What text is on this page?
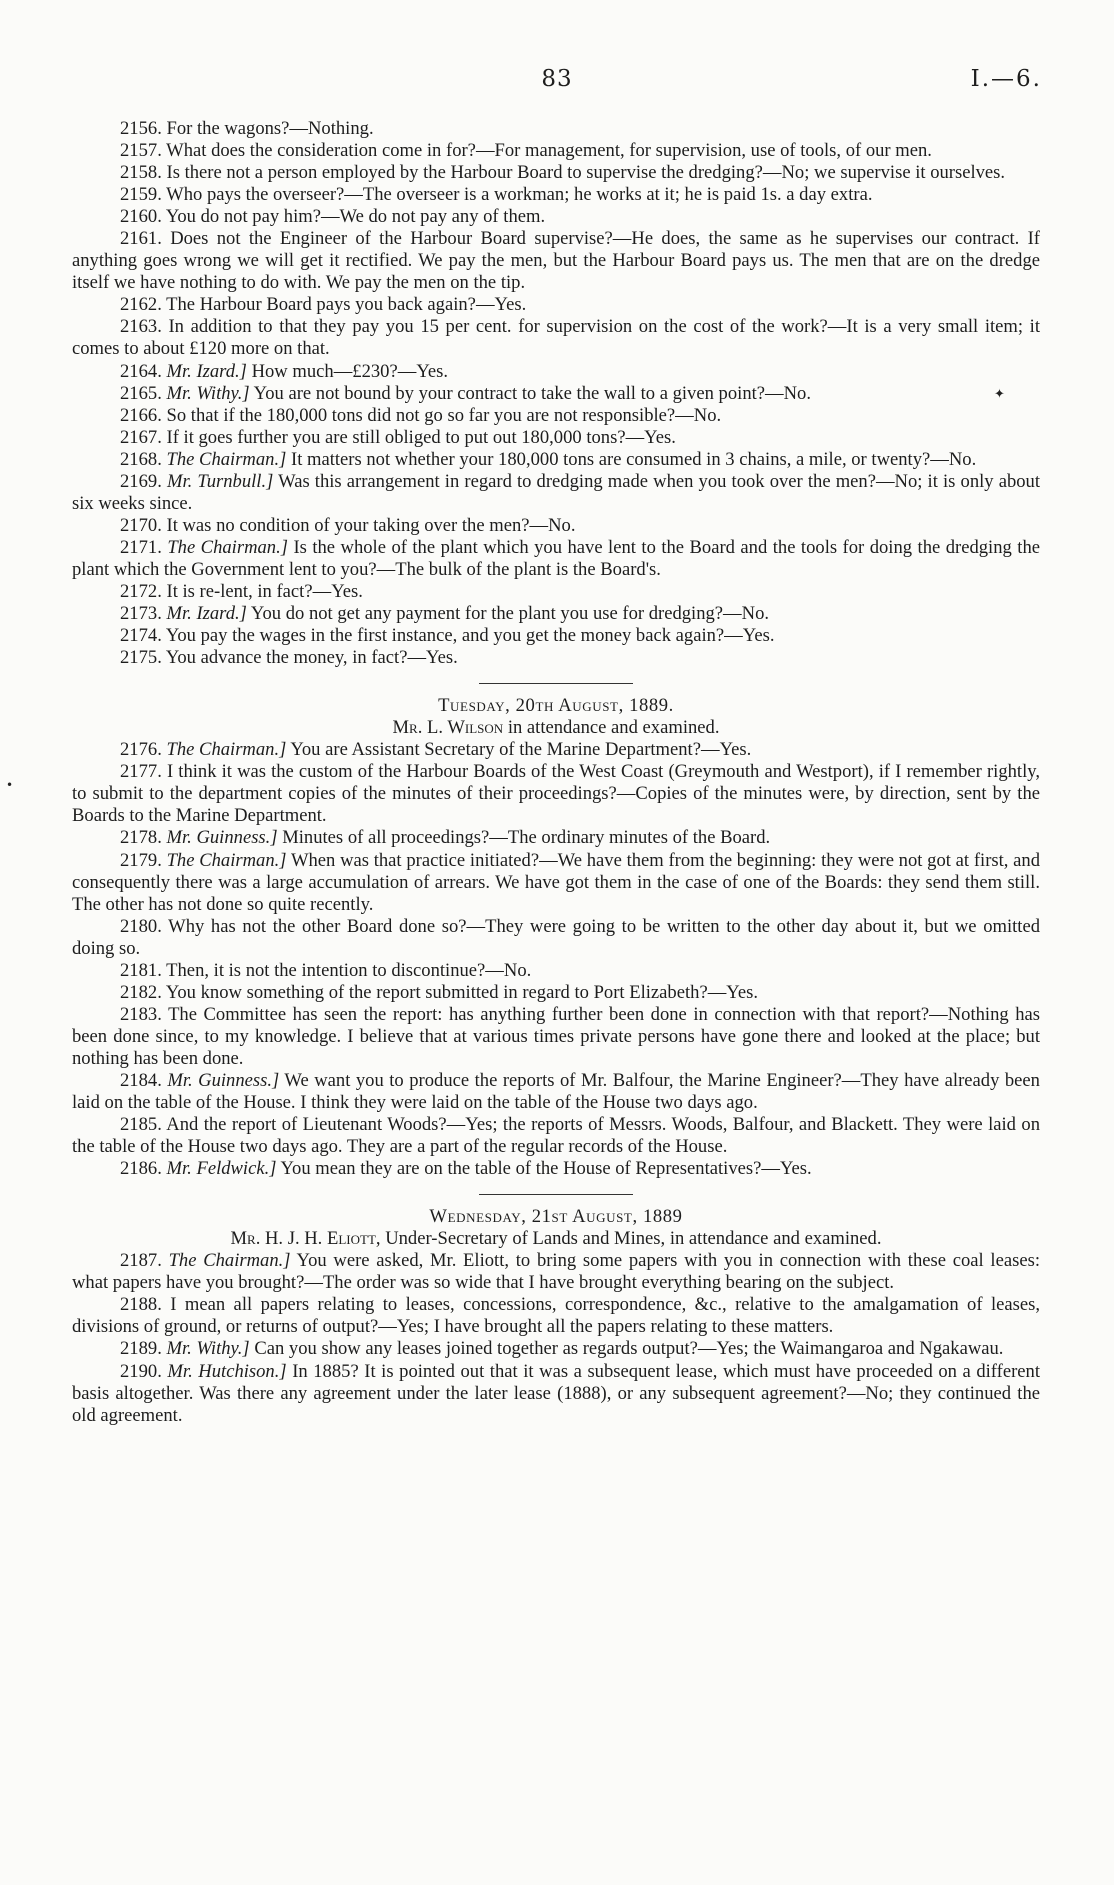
83	I.—6.

2156. For the wagons?—Nothing.

2157. What does the consideration come in for?—For management, for supervision, use of tools, of our men.

2158. Is there not a person employed by the Harbour Board to supervise the dredging?—No; we supervise it ourselves.

2159. Who pays the overseer?—The overseer is a workman; he works at it; he is paid 1s. a day extra.

2160. You do not pay him?—We do not pay any of them.

2161. Does not the Engineer of the Harbour Board supervise?—He does, the same as he supervises our contract. If anything goes wrong we will get it rectified. We pay the men, but the Harbour Board pays us. The men that are on the dredge itself we have nothing to do with. We pay the men on the tip.

2162. The Harbour Board pays you back again?—Yes.

2163. In addition to that they pay you 15 per cent. for supervision on the cost of the work?—It is a very small item; it comes to about £120 more on that.

2164. Mr. Izard.] How much—£230?—Yes.

2165. Mr. Withy.] You are not bound by your contract to take the wall to a given point?—No.

2166. So that if the 180,000 tons did not go so far you are not responsible?—No.

2167. If it goes further you are still obliged to put out 180,000 tons?—Yes.

2168. The Chairman.] It matters not whether your 180,000 tons are consumed in 3 chains, a mile, or twenty?—No.

2169. Mr. Turnbull.] Was this arrangement in regard to dredging made when you took over the men?—No; it is only about six weeks since.

2170. It was no condition of your taking over the men?—No.

2171. The Chairman.] Is the whole of the plant which you have lent to the Board and the tools for doing the dredging the plant which the Government lent to you?—The bulk of the plant is the Board's.

2172. It is re-lent, in fact?—Yes.

2173. Mr. Izard.] You do not get any payment for the plant you use for dredging?—No.

2174. You pay the wages in the first instance, and you get the money back again?—Yes.

2175. You advance the money, in fact?—Yes.

Tuesday, 20th August, 1889.

Mr. L. Wilson in attendance and examined.

2176. The Chairman.] You are Assistant Secretary of the Marine Department?—Yes.

2177. I think it was the custom of the Harbour Boards of the West Coast (Greymouth and Westport), if I remember rightly, to submit to the department copies of the minutes of their proceedings?—Copies of the minutes were, by direction, sent by the Boards to the Marine Department.

2178. Mr. Guinness.] Minutes of all proceedings?—The ordinary minutes of the Board.

2179. The Chairman.] When was that practice initiated?—We have them from the beginning: they were not got at first, and consequently there was a large accumulation of arrears. We have got them in the case of one of the Boards: they send them still. The other has not done so quite recently.

2180. Why has not the other Board done so?—They were going to be written to the other day about it, but we omitted doing so.

2181. Then, it is not the intention to discontinue?—No.

2182. You know something of the report submitted in regard to Port Elizabeth?—Yes.

2183. The Committee has seen the report: has anything further been done in connection with that report?—Nothing has been done since, to my knowledge. I believe that at various times private persons have gone there and looked at the place; but nothing has been done.

2184. Mr. Guinness.] We want you to produce the reports of Mr. Balfour, the Marine Engineer?—They have already been laid on the table of the House. I think they were laid on the table of the House two days ago.

2185. And the report of Lieutenant Woods?—Yes; the reports of Messrs. Woods, Balfour, and Blackett. They were laid on the table of the House two days ago. They are a part of the regular records of the House.

2186. Mr. Feldwick.] You mean they are on the table of the House of Representatives?—Yes.

Wednesday, 21st August, 1889

Mr. H. J. H. Eliott, Under-Secretary of Lands and Mines, in attendance and examined.

2187. The Chairman.] You were asked, Mr. Eliott, to bring some papers with you in connection with these coal leases: what papers have you brought?—The order was so wide that I have brought everything bearing on the subject.

2188. I mean all papers relating to leases, concessions, correspondence, &c., relative to the amalgamation of leases, divisions of ground, or returns of output?—Yes; I have brought all the papers relating to these matters.

2189. Mr. Withy.] Can you show any leases joined together as regards output?—Yes; the Waimangaroa and Ngakawau.

2190. Mr. Hutchison.] In 1885? It is pointed out that it was a subsequent lease, which must have proceeded on a different basis altogether. Was there any agreement under the later lease (1888), or any subsequent agreement?—No; they continued the old agreement.

✦
•
